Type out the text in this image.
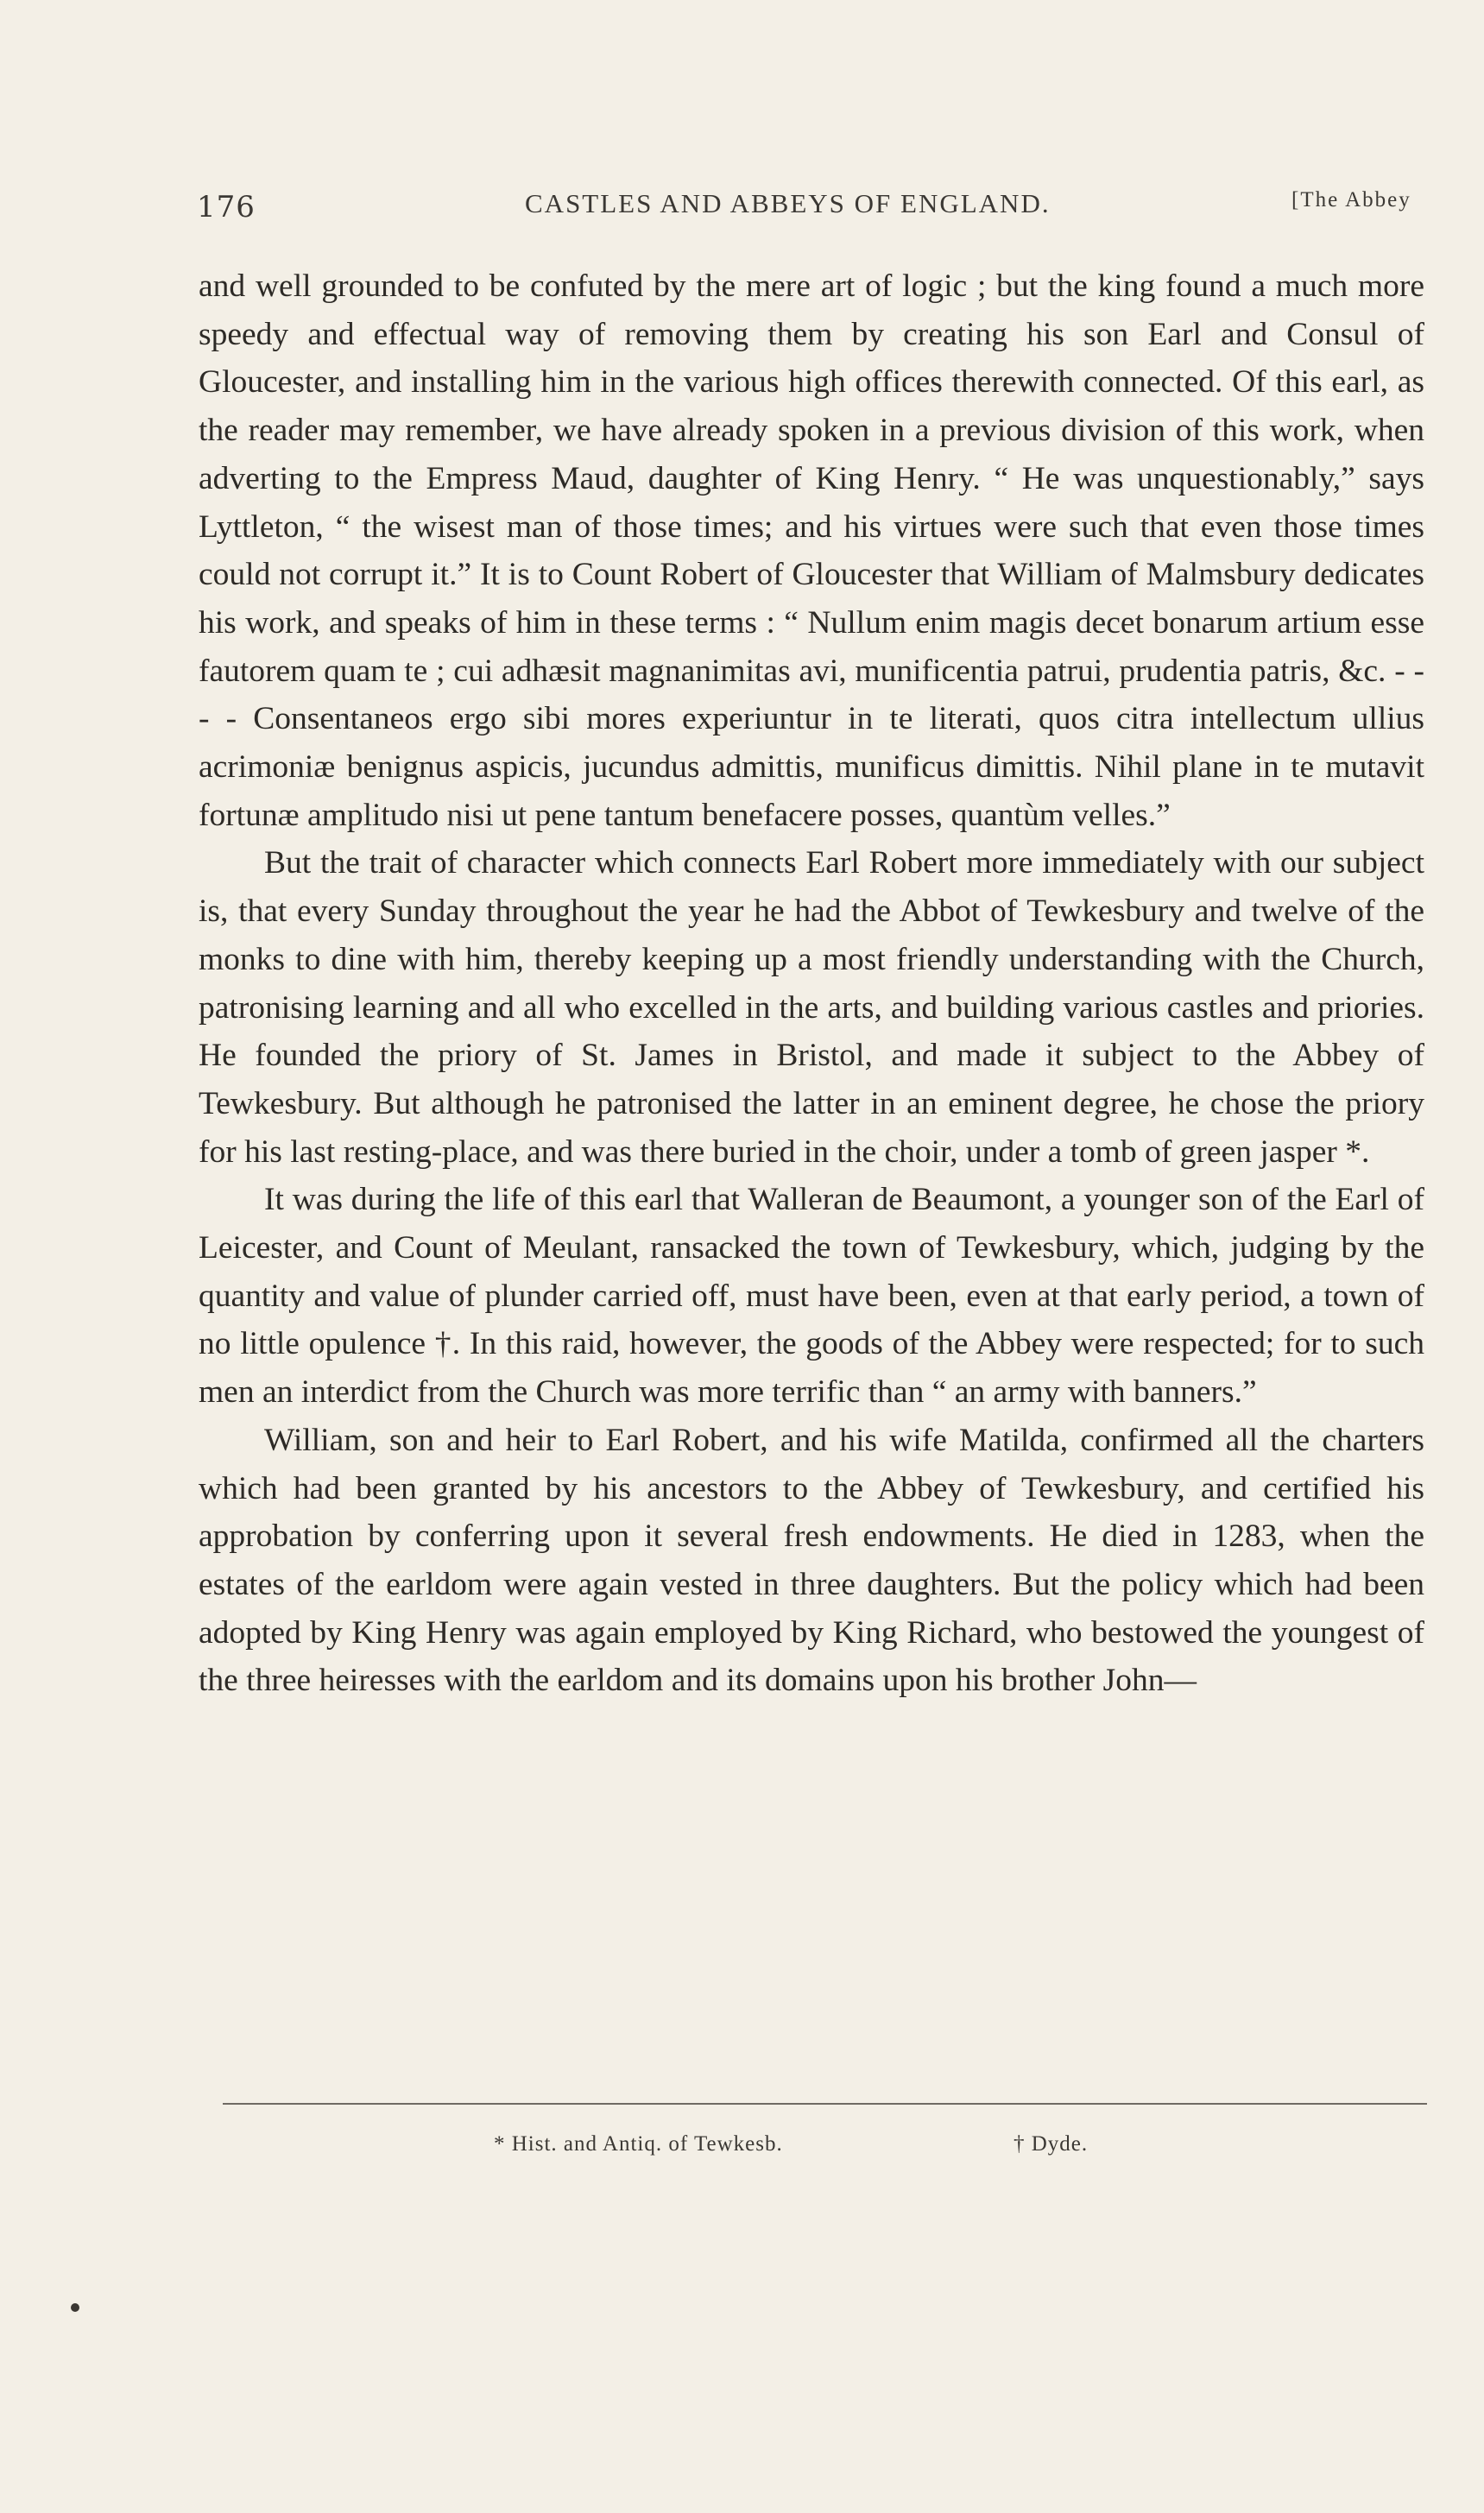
176	CASTLES AND ABBEYS OF ENGLAND.	[The Abbey

and well grounded to be confuted by the mere art of logic ; but the king found a much more speedy and effectual way of removing them by creating his son Earl and Consul of Gloucester, and installing him in the various high offices therewith connected. Of this earl, as the reader may remember, we have already spoken in a previous division of this work, when adverting to the Empress Maud, daughter of King Henry. “ He was unquestionably,” says Lyttleton, “ the wisest man of those times; and his virtues were such that even those times could not corrupt it.” It is to Count Robert of Gloucester that William of Malmsbury dedicates his work, and speaks of him in these terms : “ Nullum enim magis decet bonarum artium esse fautorem quam te ; cui adhæsit magnanimitas avi, munificentia patrui, prudentia patris, &c. - - - - Consentaneos ergo sibi mores experiuntur in te literati, quos citra intellectum ullius acrimoniæ benignus aspicis, jucundus admittis, munificus dimittis. Nihil plane in te mutavit fortunæ amplitudo nisi ut pene tantum benefacere posses, quantùm velles.”

But the trait of character which connects Earl Robert more immediately with our subject is, that every Sunday throughout the year he had the Abbot of Tewkesbury and twelve of the monks to dine with him, thereby keeping up a most friendly understanding with the Church, patronising learning and all who excelled in the arts, and building various castles and priories. He founded the priory of St. James in Bristol, and made it subject to the Abbey of Tewkesbury. But although he patronised the latter in an eminent degree, he chose the priory for his last resting-place, and was there buried in the choir, under a tomb of green jasper *.

It was during the life of this earl that Walleran de Beaumont, a younger son of the Earl of Leicester, and Count of Meulant, ransacked the town of Tewkesbury, which, judging by the quantity and value of plunder carried off, must have been, even at that early period, a town of no little opulence †. In this raid, however, the goods of the Abbey were respected; for to such men an interdict from the Church was more terrific than “ an army with banners.”

William, son and heir to Earl Robert, and his wife Matilda, confirmed all the charters which had been granted by his ancestors to the Abbey of Tewkesbury, and certified his approbation by conferring upon it several fresh endowments. He died in 1283, when the estates of the earldom were again vested in three daughters. But the policy which had been adopted by King Henry was again employed by King Richard, who bestowed the youngest of the three heiresses with the earldom and its domains upon his brother John—

* Hist. and Antiq. of Tewkesb.	† Dyde.
